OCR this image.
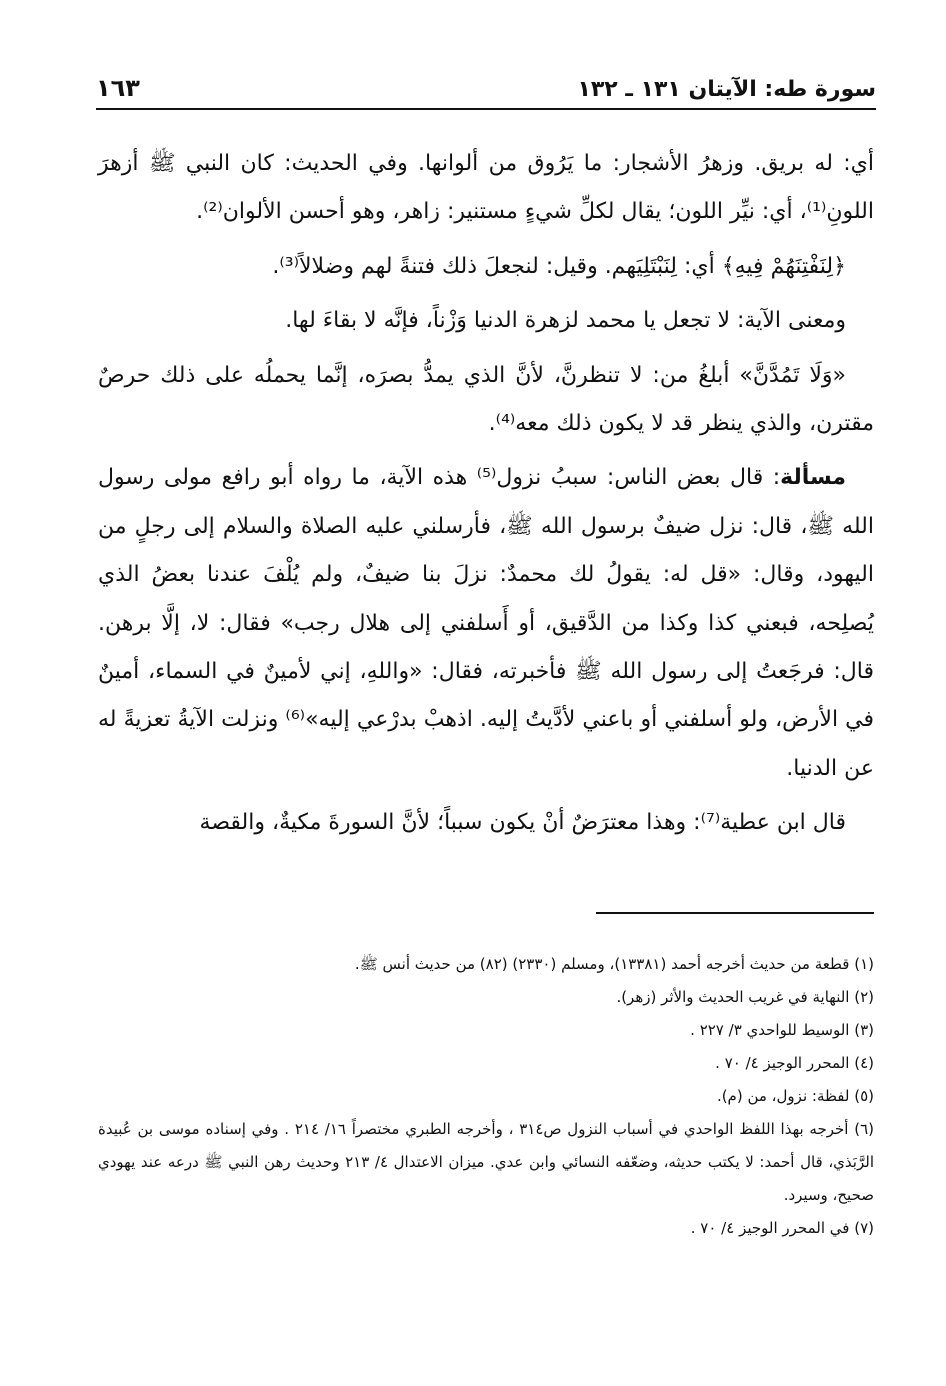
سورة طه: الآيتان ١٣١ ـ ١٣٢
١٦٣

أي: له بريق. وزهرُ الأشجار: ما يَرُوق من ألوانها. وفي الحديث: كان النبي ﷺ أزهرَ اللونِ⁽¹⁾، أي: نيِّر اللون؛ يقال لكلِّ شيءٍ مستنير: زاهر، وهو أحسن الألوان⁽²⁾.

﴿لِنَفْتِنَهُمْ فِيهِ﴾ أي: لِنَبْتَلِيَهم. وقيل: لنجعلَ ذلك فتنةً لهم وضلالاً⁽³⁾.

ومعنى الآية: لا تجعل يا محمد لزهرة الدنيا وَزْناً، فإنَّه لا بقاءَ لها.

«وَلَا تَمُدَّنَّ» أبلغُ من: لا تنظرنَّ، لأنَّ الذي يمدُّ بصرَه، إنَّما يحملُه على ذلك حرصٌ مقترن، والذي ينظر قد لا يكون ذلك معه⁽⁴⁾.

مسألة: قال بعض الناس: سببُ نزول⁽⁵⁾ هذه الآية، ما رواه أبو رافع مولى رسول الله ﷺ، قال: نزل ضيفٌ برسول الله ﷺ، فأرسلني عليه الصلاة والسلام إلى رجلٍ من اليهود، وقال: «قل له: يقولُ لك محمدٌ: نزلَ بنا ضيفٌ، ولم يُلْفَ عندنا بعضُ الذي يُصلِحه، فبعني كذا وكذا من الدَّقيق، أو أَسلفني إلى هلال رجب» فقال: لا، إلَّا برهن. قال: فرجَعتُ إلى رسول الله ﷺ فأخبرته، فقال: «واللهِ، إني لأمينٌ في السماء، أمينٌ في الأرض، ولو أسلفني أو باعني لأدَّيتُ إليه. اذهبْ بدرْعي إليه»⁽⁶⁾ ونزلت الآيةُ تعزيةً له عن الدنيا.

قال ابن عطية⁽⁷⁾: وهذا معترَضٌ أنْ يكون سبباً؛ لأنَّ السورةَ مكيةٌ، والقصة

(١) قطعة من حديث أخرجه أحمد (١٣٣٨١)، ومسلم (٢٣٣٠) (٨٢) من حديث أنس ﷺ.

(٢) النهاية في غريب الحديث والأثر (زهر).

(٣) الوسيط للواحدي ٣/ ٢٢٧ .

(٤) المحرر الوجيز ٤/ ٧٠ .

(٥) لفظة: نزول، من (م).

(٦) أخرجه بهذا اللفظ الواحدي في أسباب النزول ص٣١٤ ، وأخرجه الطبري مختصراً ١٦/ ٢١٤ . وفي إسناده موسى بن عُبيدة الرَّبَذي، قال أحمد: لا يكتب حديثه، وضعّفه النسائي وابن عدي. ميزان الاعتدال ٤/ ٢١٣ وحديث رهن النبي ﷺ درعه عند يهودي صحيح، وسيرد.

(٧) في المحرر الوجيز ٤/ ٧٠ .
